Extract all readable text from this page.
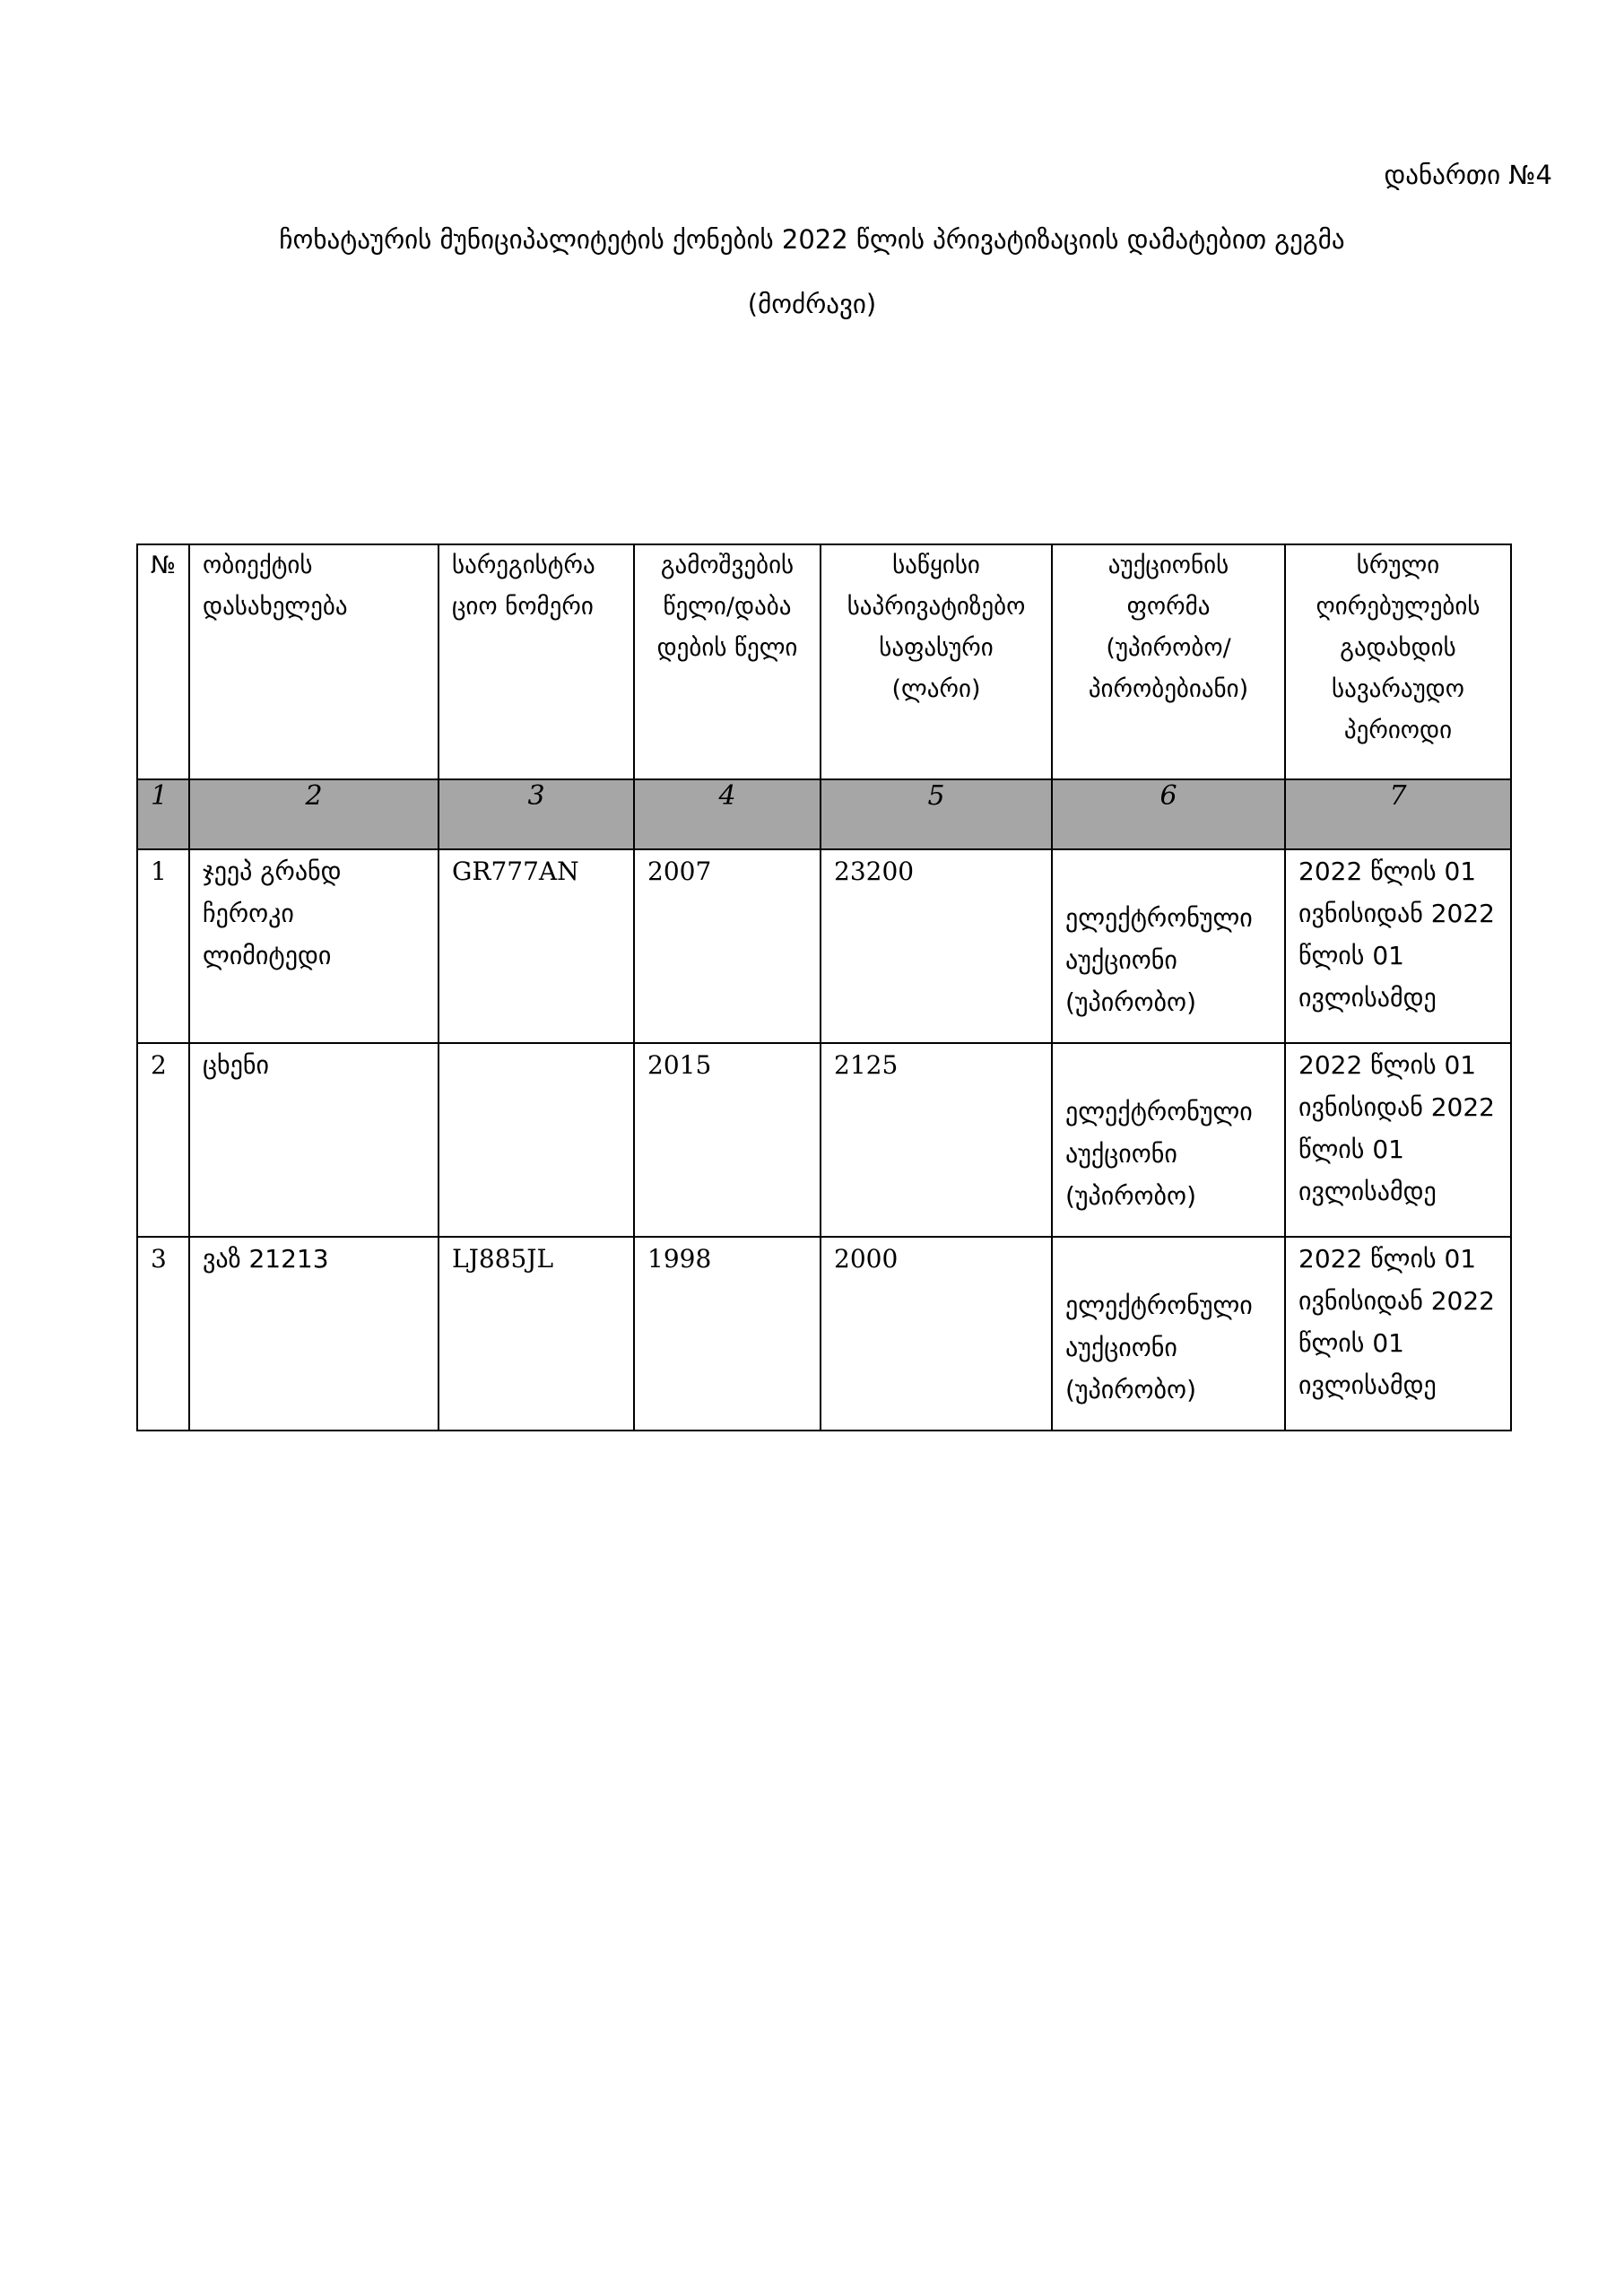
დანართი №4
ჩოხატაურის მუნიციპალიტეტის ქონების 2022 წლის პრივატიზაციის დამატებით გეგმა
(მოძრავი)
№	ობიექტის დასახელება	სარეგისტრა ციო ნომერი	გამოშვების წელი/დაბა დების წელი	საწყისი საპრივატიზებო საფასური (ლარი)	აუქციონის ფორმა (უპირობო/ პირობებიანი)	სრული ღირებულების გადახდის სავარაუდო პერიოდი
1	2	3	4	5	6	7
1	ჯეეპ გრანდ ჩეროკი ლიმიტედი	GR777AN	2007	23200	ელექტრონული აუქციონი (უპირობო)	2022 წლის 01 ივნისიდან 2022 წლის 01 ივლისამდე
2	ცხენი		2015	2125	ელექტრონული აუქციონი (უპირობო)	2022 წლის 01 ივნისიდან 2022 წლის 01 ივლისამდე
3	ვაზ 21213	LJ885JL	1998	2000	ელექტრონული აუქციონი (უპირობო)	2022 წლის 01 ივნისიდან 2022 წლის 01 ივლისამდე
